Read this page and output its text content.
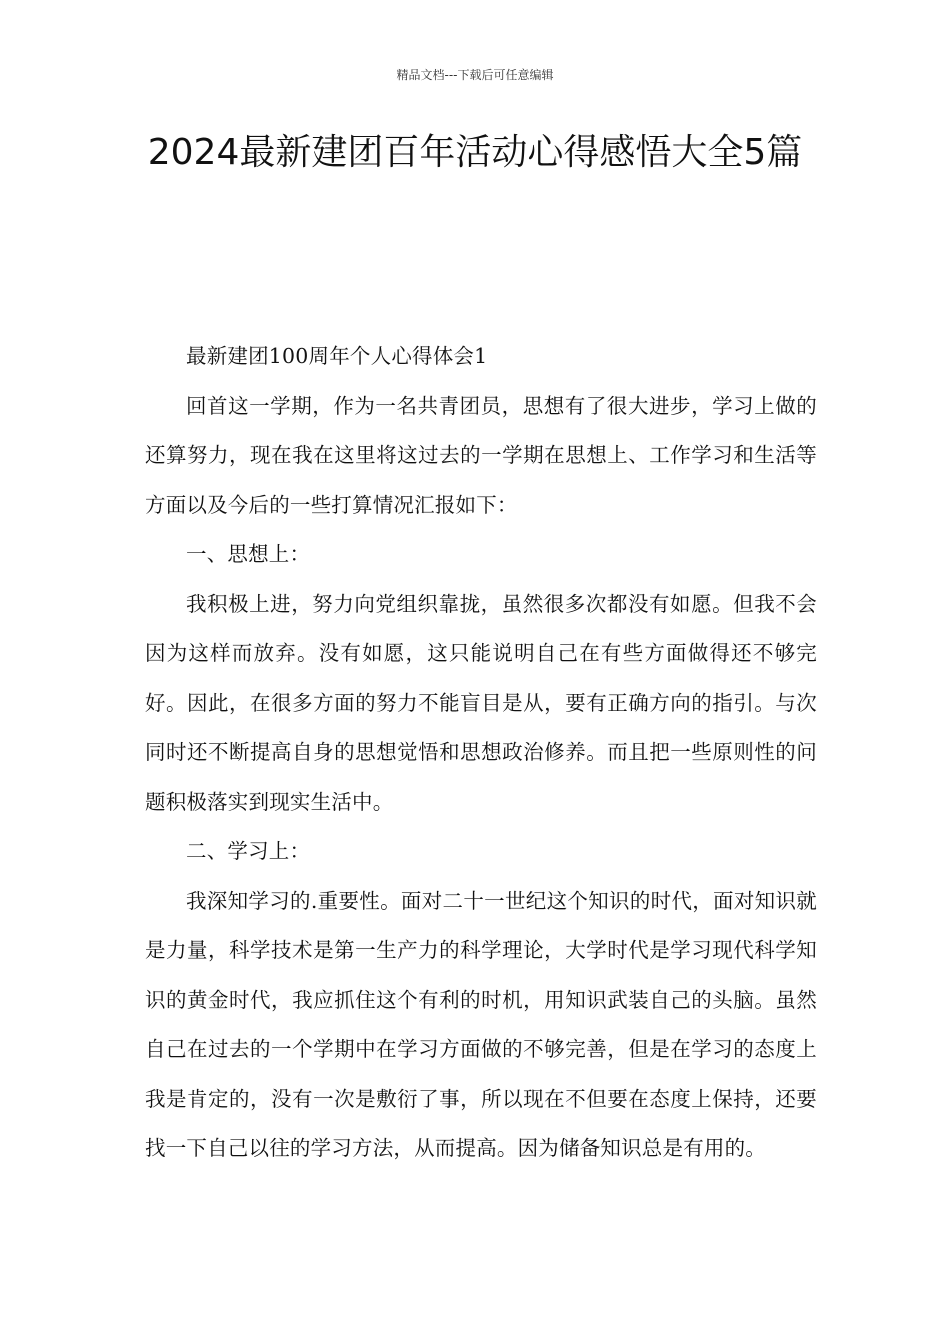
精品文档---下载后可任意编辑
2024最新建团百年活动心得感悟大全5篇

最新建团100周年个人心得体会1

回首这一学期，作为一名共青团员，思想有了很大进步，学习上做的还算努力，现在我在这里将这过去的一学期在思想上、工作学习和生活等方面以及今后的一些打算情况汇报如下：

一、思想上：

我积极上进，努力向党组织靠拢，虽然很多次都没有如愿。但我不会因为这样而放弃。没有如愿，这只能说明自己在有些方面做得还不够完好。因此，在很多方面的努力不能盲目是从，要有正确方向的指引。与次同时还不断提高自身的思想觉悟和思想政治修养。而且把一些原则性的问题积极落实到现实生活中。

二、学习上：

我深知学习的.重要性。面对二十一世纪这个知识的时代，面对知识就是力量，科学技术是第一生产力的科学理论，大学时代是学习现代科学知识的黄金时代，我应抓住这个有利的时机，用知识武装自己的头脑。虽然自己在过去的一个学期中在学习方面做的不够完善，但是在学习的态度上我是肯定的，没有一次是敷衍了事，所以现在不但要在态度上保持，还要找一下自己以往的学习方法，从而提高。因为储备知识总是有用的。
